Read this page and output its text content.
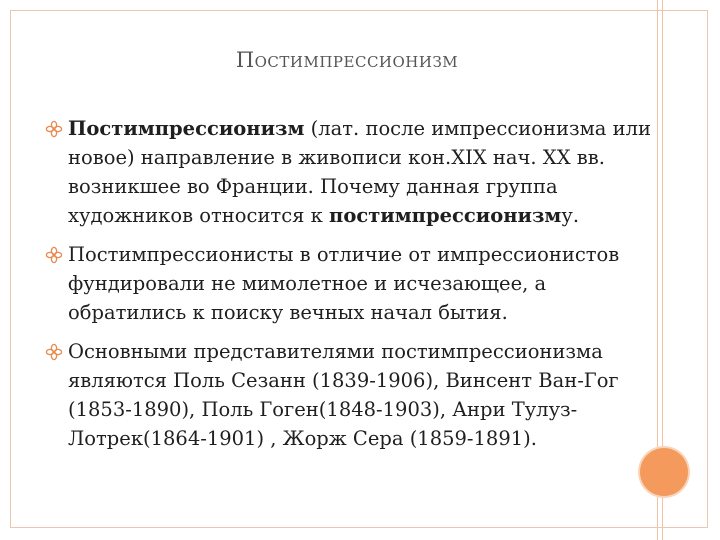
Постимпрессионизм
Постимпрессионизм (лат. после импрессионизма или новое) направление в живописи кон.XIX нач. XX вв. возникшее во Франции. Почему данная группа художников относится к постимпрессионизму.
Постимпрессионисты в отличие от импрессионистов фундировали не мимолетное и исчезающее, а обратились к поиску вечных начал бытия.
Основными представителями постимпрессионизма являются Поль Сезанн (1839-1906), Винсент Ван-Гог (1853-1890), Поль Гоген(1848-1903), Анри Тулуз-Лотрек(1864-1901) , Жорж Сера (1859-1891).
